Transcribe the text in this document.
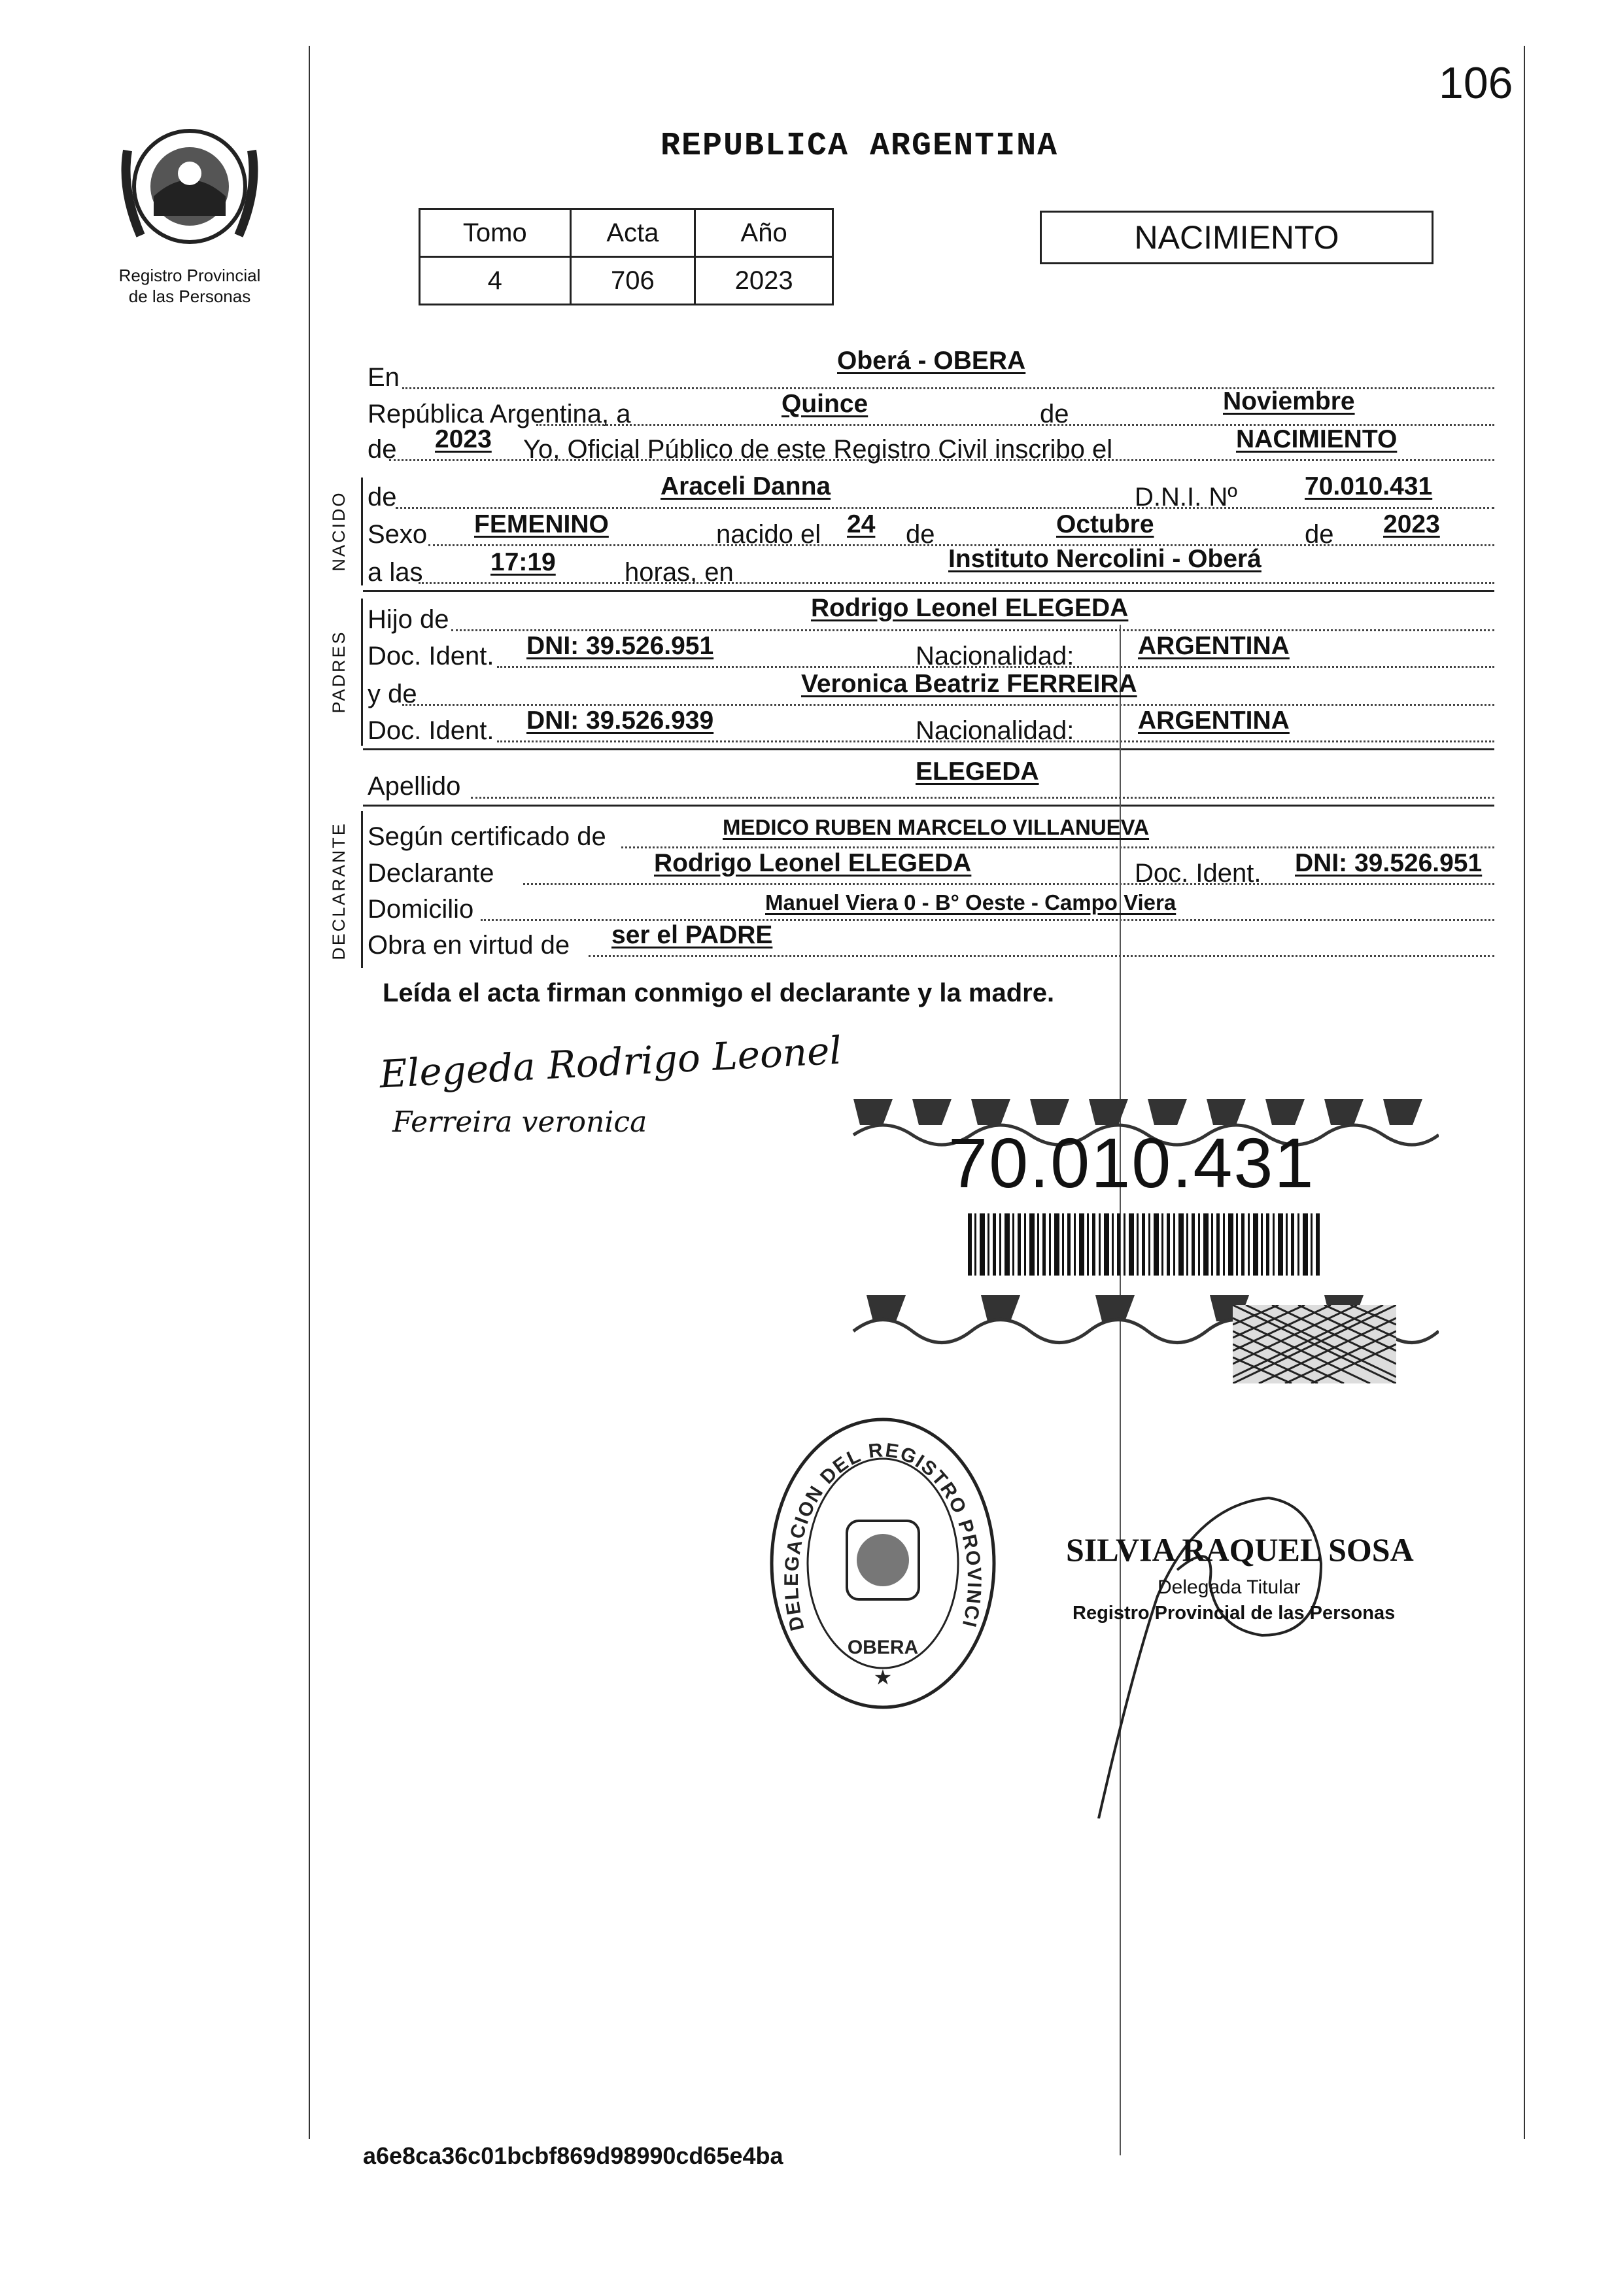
106
Registro Provincial
de las Personas
REPUBLICA ARGENTINA
Tomo	Acta	Año
4	706	2023
NACIMIENTO
NACIDO
PADRES
DECLARANTE
En
Oberá - OBERA
República Argentina, a	Quince	de	Noviembre
de 2023 Yo, Oficial Público de este Registro Civil inscribo el	NACIMIENTO
de	Araceli Danna	D.N.I. Nº	70.010.431
Sexo FEMENINO	nacido el 24 de	Octubre	de 2023
a las	17:19	horas, en	Instituto Nercolini - Oberá
Hijo de	Rodrigo Leonel ELEGEDA
Doc. Ident. DNI: 39.526.951	Nacionalidad:	ARGENTINA
y de	Veronica Beatriz FERREIRA
Doc. Ident. DNI: 39.526.939	Nacionalidad:	ARGENTINA
Apellido
ELEGEDA
Según certificado de	MEDICO RUBEN MARCELO VILLANUEVA
Declarante	Rodrigo Leonel ELEGEDA	Doc. Ident. DNI: 39.526.951
Domicilio	Manuel Viera 0 - B° Oeste - Campo Viera
Obra en virtud de ser el PADRE
Leída el acta firman conmigo el declarante y la madre.
Elegeda Rodrigo Leonel
Ferreira veronica
70.010.431
DELEGACION DEL REGISTRO PROVINCI
OBERA
★
SILVIA RAQUEL SOSA
Delegada Titular
Registro Provincial de las Personas
a6e8ca36c01bcbf869d98990cd65e4ba
